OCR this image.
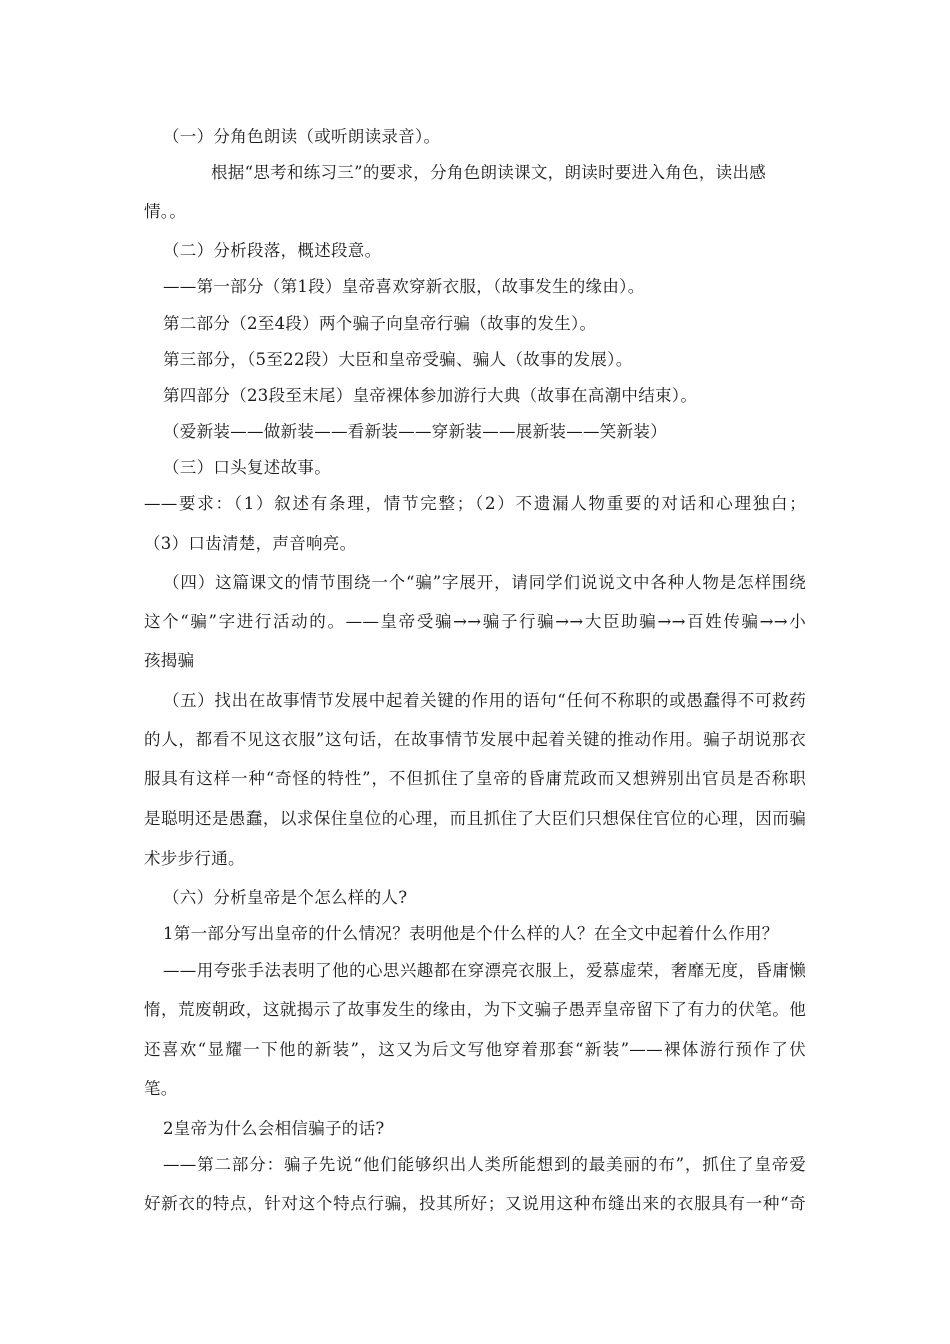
（一）分角色朗读（或听朗读录音）。
根据“思考和练习三”的要求，分角色朗读课文，朗读时要进入角色，读出感
情。。
（二）分析段落，概述段意。
——第一部分（第1段）皇帝喜欢穿新衣服，（故事发生的缘由）。
第二部分（2至4段）两个骗子向皇帝行骗（故事的发生）。
第三部分，（5至22段）大臣和皇帝受骗、骗人（故事的发展）。
第四部分（23段至末尾）皇帝裸体参加游行大典（故事在高潮中结束）。
（爱新装——做新装——看新装——穿新装——展新装——笑新装）
（三）口头复述故事。
——要求：（1）叙述有条理，情节完整；（2）不遗漏人物重要的对话和心理独白；
（3）口齿清楚，声音响亮。
（四）这篇课文的情节围绕一个“骗”字展开，请同学们说说文中各种人物是怎样围绕
这个“骗”字进行活动的。——皇帝受骗→→骗子行骗→→大臣助骗→→百姓传骗→→小
孩揭骗
（五）找出在故事情节发展中起着关键的作用的语句“任何不称职的或愚蠢得不可救药
的人，都看不见这衣服”这句话，在故事情节发展中起着关键的推动作用。骗子胡说那衣
服具有这样一种“奇怪的特性”，不但抓住了皇帝的昏庸荒政而又想辨别出官员是否称职
是聪明还是愚蠢，以求保住皇位的心理，而且抓住了大臣们只想保住官位的心理，因而骗
术步步行通。
（六）分析皇帝是个怎么样的人?
1第一部分写出皇帝的什么情况？表明他是个什么样的人？在全文中起着什么作用？
——用夸张手法表明了他的心思兴趣都在穿漂亮衣服上，爱慕虚荣，奢靡无度，昏庸懒
惰，荒废朝政，这就揭示了故事发生的缘由，为下文骗子愚弄皇帝留下了有力的伏笔。他
还喜欢“显耀一下他的新装”，这又为后文写他穿着那套“新装”——裸体游行预作了伏
笔。
2皇帝为什么会相信骗子的话?
——第二部分：骗子先说“他们能够织出人类所能想到的最美丽的布”，抓住了皇帝爱
好新衣的特点，针对这个特点行骗，投其所好；又说用这种布缝出来的衣服具有一种“奇
